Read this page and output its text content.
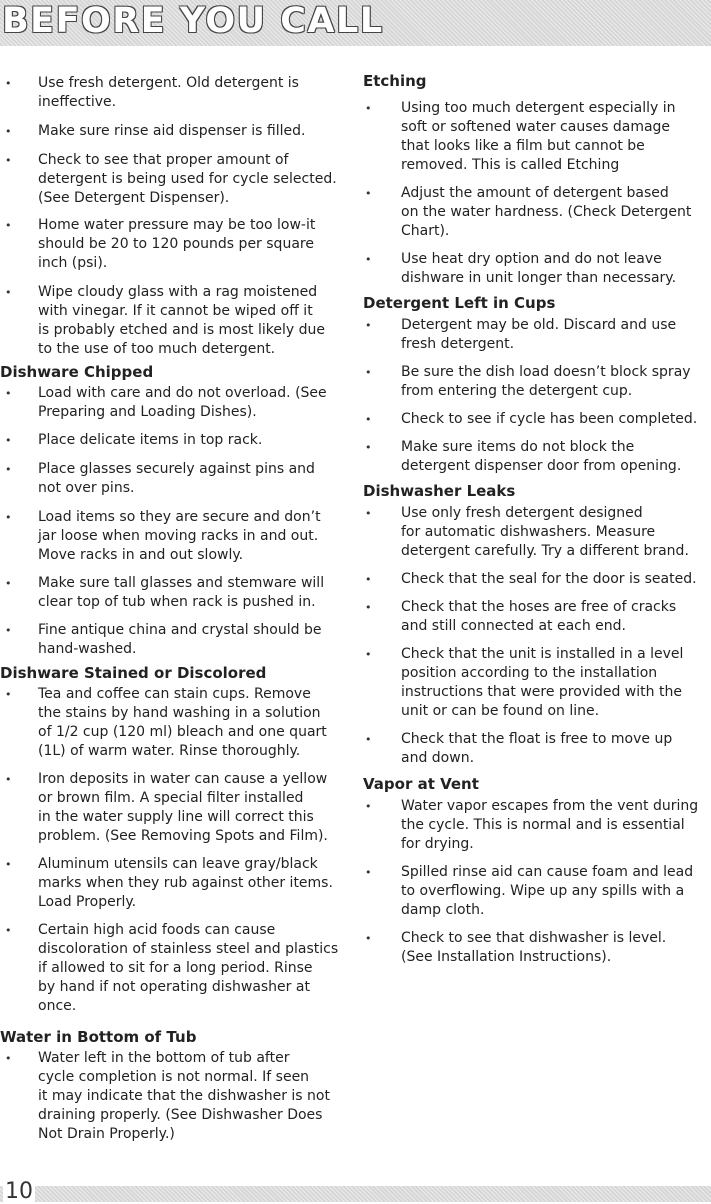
BEFORE YOU CALL
• Use fresh detergent. Old detergent is
ineffective.
• Make sure rinse aid dispenser is filled.
• Check to see that proper amount of
detergent is being used for cycle selected.
(See Detergent Dispenser).
• Home water pressure may be too low-it
should be 20 to 120 pounds per square
inch (psi).
• Wipe cloudy glass with a rag moistened
with vinegar. If it cannot be wiped off it
is probably etched and is most likely due
to the use of too much detergent.
Dishware Chipped
• Load with care and do not overload. (See
Preparing and Loading Dishes).
• Place delicate items in top rack.
• Place glasses securely against pins and
not over pins.
• Load items so they are secure and don’t
jar loose when moving racks in and out.
Move racks in and out slowly.
• Make sure tall glasses and stemware will
clear top of tub when rack is pushed in.
• Fine antique china and crystal should be
hand-washed.
Dishware Stained or Discolored
• Tea and coffee can stain cups. Remove
the stains by hand washing in a solution
of 1/2 cup (120 ml) bleach and one quart
(1L) of warm water. Rinse thoroughly.
• Iron deposits in water can cause a yellow
or brown film. A special filter installed
in the water supply line will correct this
problem. (See Removing Spots and Film).
• Aluminum utensils can leave gray/black
marks when they rub against other items.
Load Properly.
• Certain high acid foods can cause
discoloration of stainless steel and plastics
if allowed to sit for a long period. Rinse
by hand if not operating dishwasher at
once.
Water in Bottom of Tub
• Water left in the bottom of tub after
cycle completion is not normal. If seen
it may indicate that the dishwasher is not
draining properly. (See Dishwasher Does
Not Drain Properly.)
Etching
• Using too much detergent especially in
soft or softened water causes damage
that looks like a film but cannot be
removed. This is called Etching
• Adjust the amount of detergent based
on the water hardness. (Check Detergent
Chart).
• Use heat dry option and do not leave
dishware in unit longer than necessary.
Detergent Left in Cups
• Detergent may be old. Discard and use
fresh detergent.
• Be sure the dish load doesn’t block spray
from entering the detergent cup.
• Check to see if cycle has been completed.
• Make sure items do not block the
detergent dispenser door from opening.
Dishwasher Leaks
• Use only fresh detergent designed
for automatic dishwashers. Measure
detergent carefully. Try a different brand.
• Check that the seal for the door is seated.
• Check that the hoses are free of cracks
and still connected at each end.
• Check that the unit is installed in a level
position according to the installation
instructions that were provided with the
unit or can be found on line.
• Check that the float is free to move up
and down.
Vapor at Vent
• Water vapor escapes from the vent during
the cycle. This is normal and is essential
for drying.
• Spilled rinse aid can cause foam and lead
to overflowing. Wipe up any spills with a
damp cloth.
• Check to see that dishwasher is level.
(See Installation Instructions).

10
